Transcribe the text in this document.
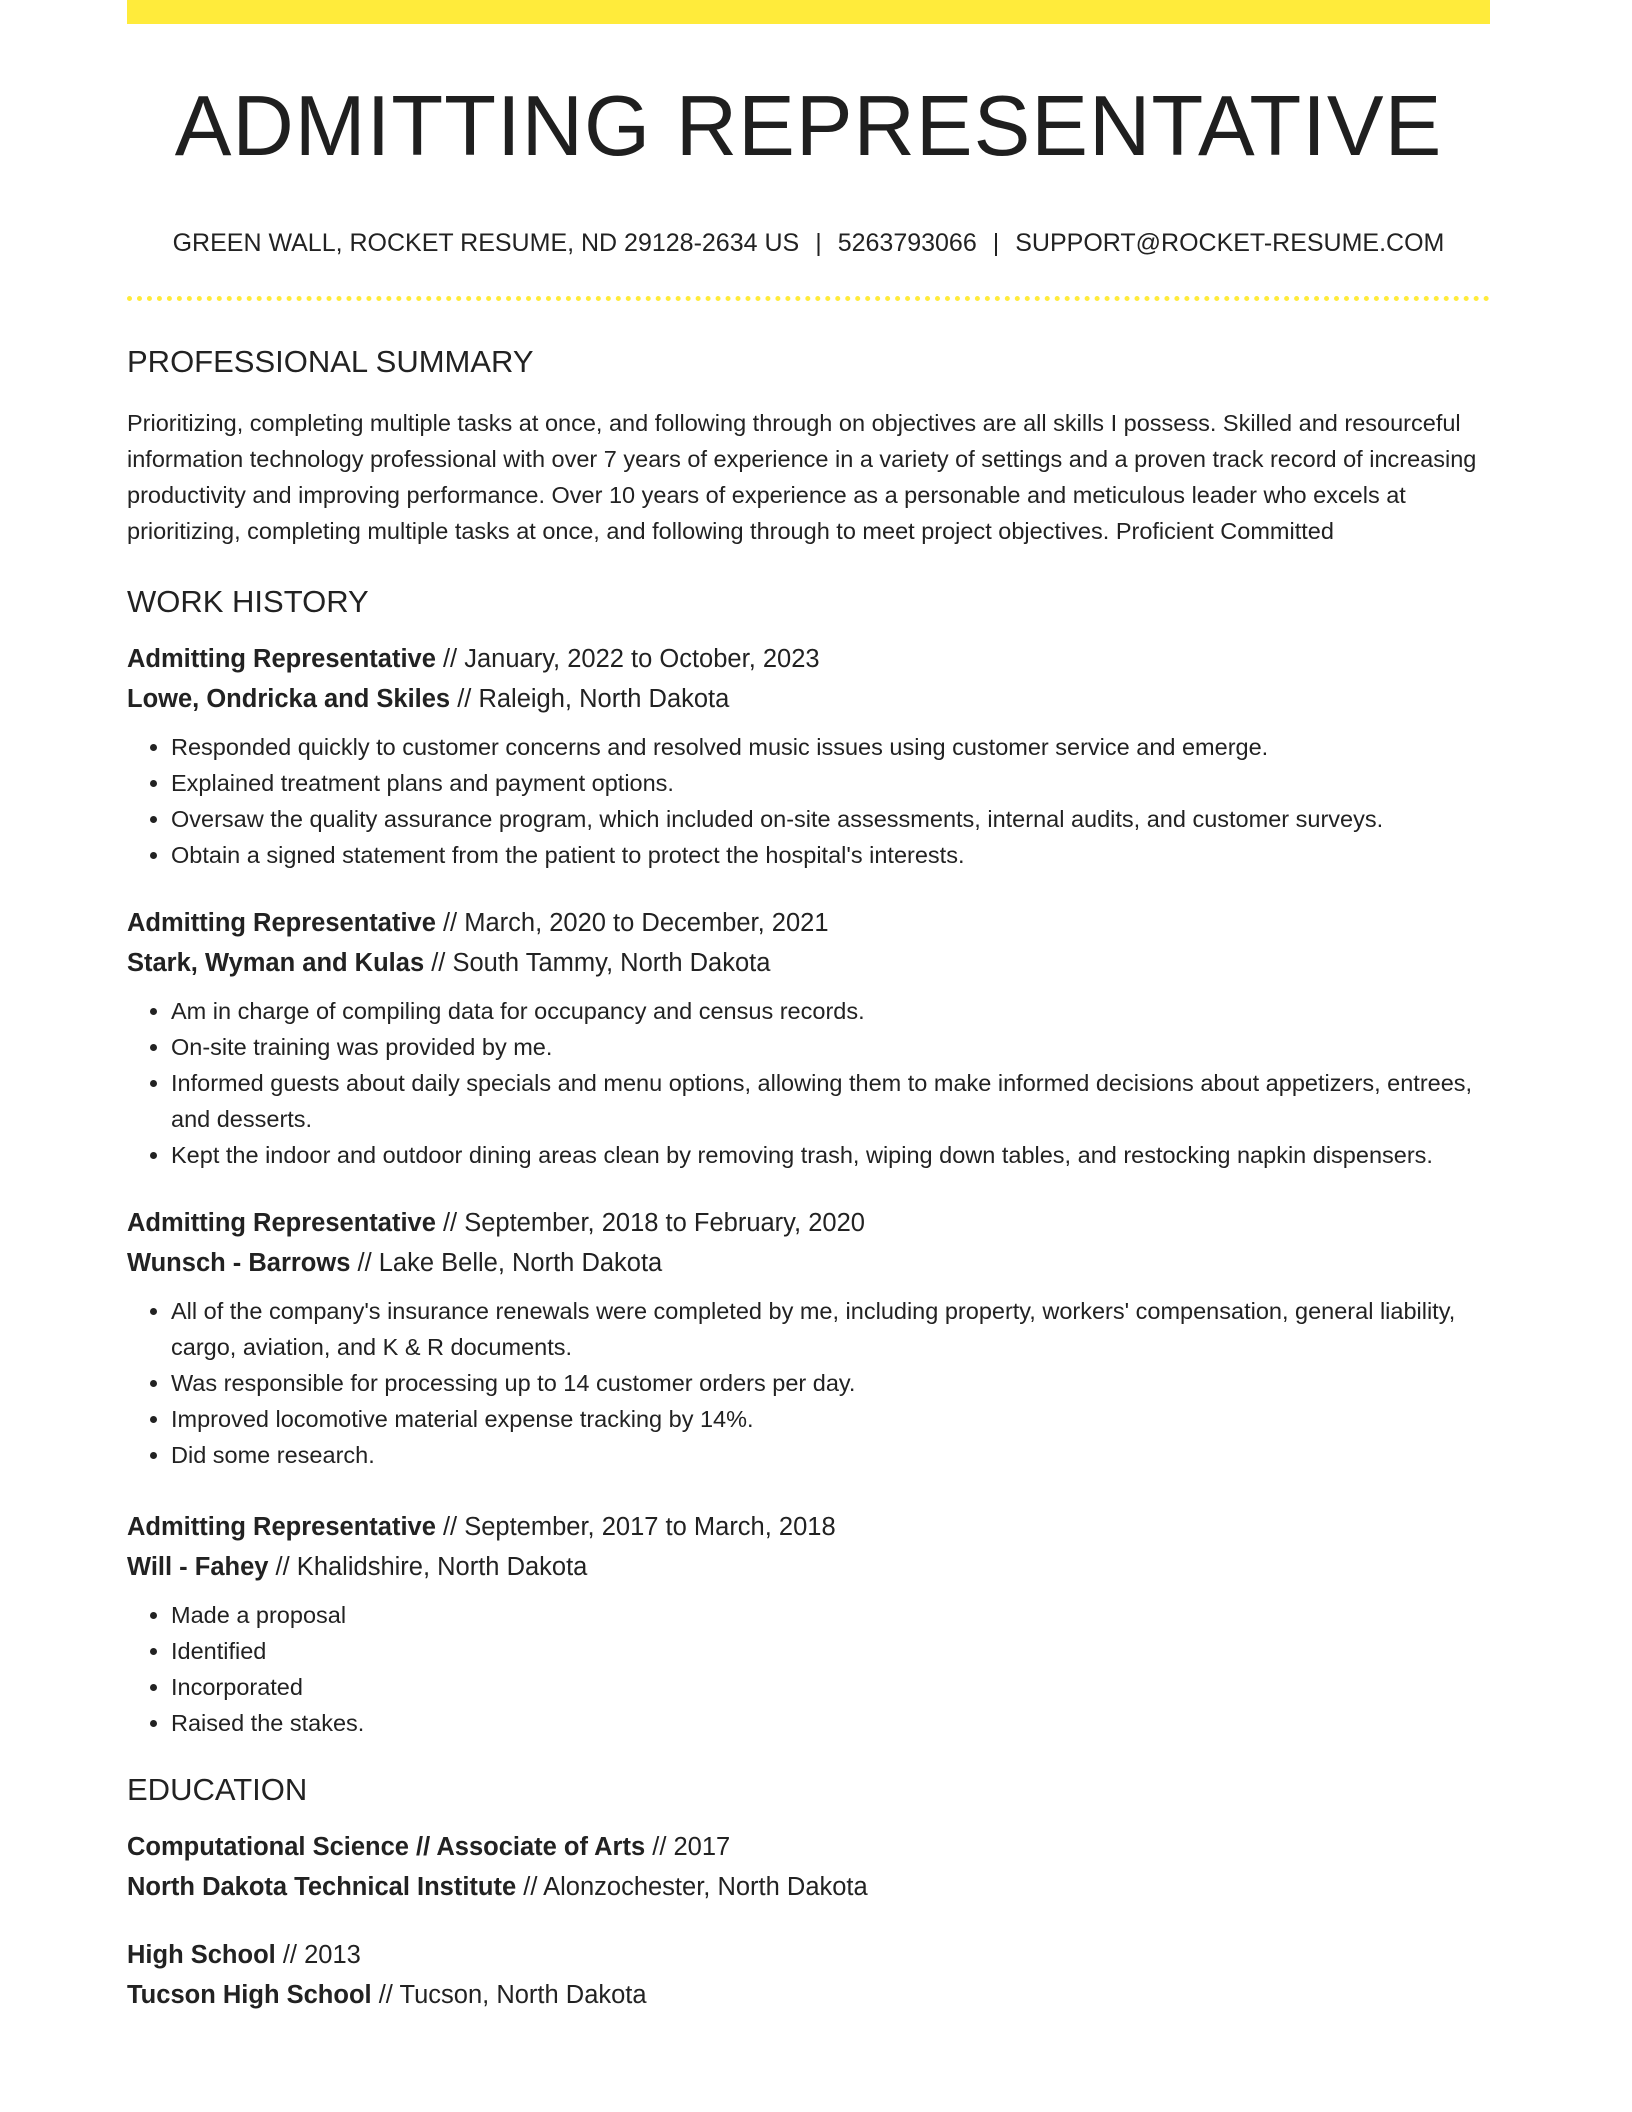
ADMITTING REPRESENTATIVE
GREEN WALL, ROCKET RESUME, ND 29128-2634 US | 5263793066 | SUPPORT@ROCKET-RESUME.COM
PROFESSIONAL SUMMARY

Prioritizing, completing multiple tasks at once, and following through on objectives are all skills I possess. Skilled and resourceful information technology professional with over 7 years of experience in a variety of settings and a proven track record of increasing productivity and improving performance. Over 10 years of experience as a personable and meticulous leader who excels at prioritizing, completing multiple tasks at once, and following through to meet project objectives. Proficient Committed

WORK HISTORY
Admitting Representative // January, 2022 to October, 2023
Lowe, Ondricka and Skiles // Raleigh, North Dakota
• Responded quickly to customer concerns and resolved music issues using customer service and emerge.
• Explained treatment plans and payment options.
• Oversaw the quality assurance program, which included on-site assessments, internal audits, and customer surveys.
• Obtain a signed statement from the patient to protect the hospital's interests.
Admitting Representative // March, 2020 to December, 2021
Stark, Wyman and Kulas // South Tammy, North Dakota
• Am in charge of compiling data for occupancy and census records.
• On-site training was provided by me.
• Informed guests about daily specials and menu options, allowing them to make informed decisions about appetizers, entrees, and desserts.
• Kept the indoor and outdoor dining areas clean by removing trash, wiping down tables, and restocking napkin dispensers.
Admitting Representative // September, 2018 to February, 2020
Wunsch - Barrows // Lake Belle, North Dakota
• All of the company's insurance renewals were completed by me, including property, workers' compensation, general liability, cargo, aviation, and K & R documents.
• Was responsible for processing up to 14 customer orders per day.
• Improved locomotive material expense tracking by 14%.
• Did some research.
Admitting Representative // September, 2017 to March, 2018
Will - Fahey // Khalidshire, North Dakota
• Made a proposal
• Identified
• Incorporated
• Raised the stakes.
EDUCATION
Computational Science // Associate of Arts // 2017
North Dakota Technical Institute // Alonzochester, North Dakota
High School // 2013
Tucson High School // Tucson, North Dakota
